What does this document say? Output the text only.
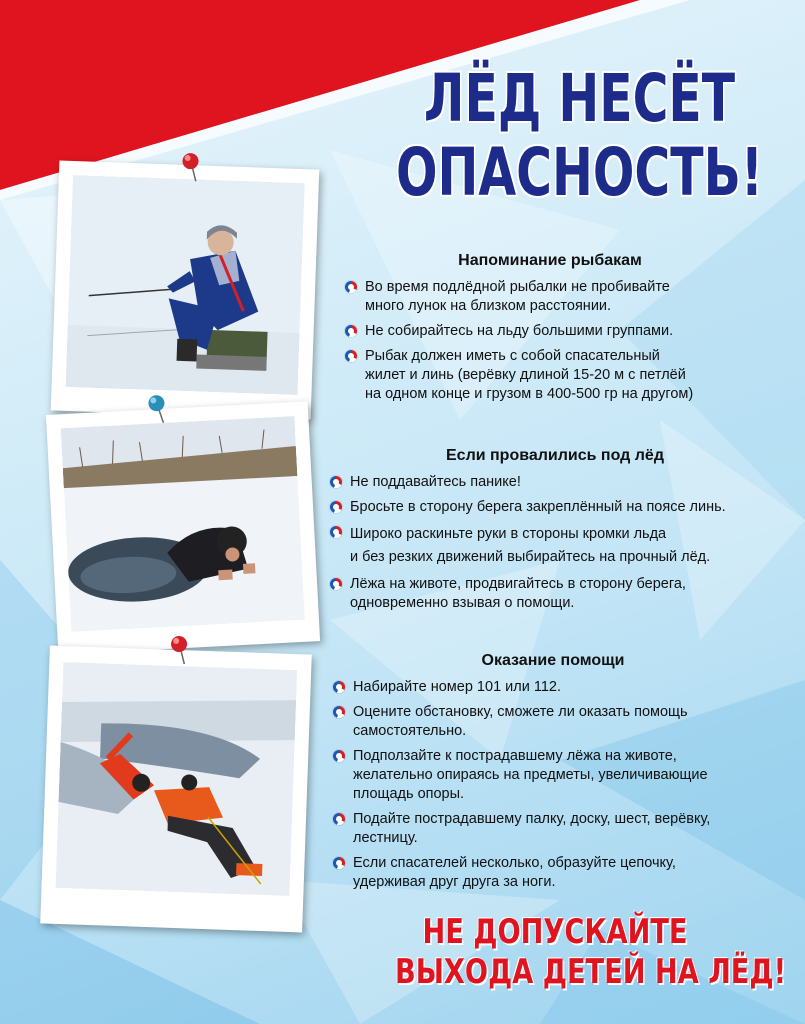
ЛЁД НЕСЁТ
ОПАСНОСТЬ!
Напоминание рыбакам
Во время подлёдной рыбалки не пробивайте
много лунок на близком расстоянии.
Не собирайтесь на льду большими группами.
Рыбак должен иметь с собой спасательный
жилет и линь (верёвку длиной 15-20 м с петлёй
на одном конце и грузом в 400-500 гр на другом)
Если провалились под лёд
Не поддавайтесь панике!
Бросьте в сторону берега закреплённый на поясе линь.
Широко раскиньте руки в стороны кромки льда
и без резких движений выбирайтесь на прочный лёд.
Лёжа на животе, продвигайтесь в сторону берега,
одновременно взывая о помощи.
Оказание помощи
Набирайте номер 101 или 112.
Оцените обстановку, сможете ли оказать помощь
самостоятельно.
Подползайте к пострадавшему лёжа на животе,
желательно опираясь на предметы, увеличивающие
площадь опоры.
Подайте пострадавшему палку, доску, шест, верёвку,
лестницу.
Если спасателей несколько, образуйте цепочку,
удерживая друг друга за ноги.
НЕ ДОПУСКАЙТЕ
ВЫХОДА ДЕТЕЙ НА ЛЁД!
